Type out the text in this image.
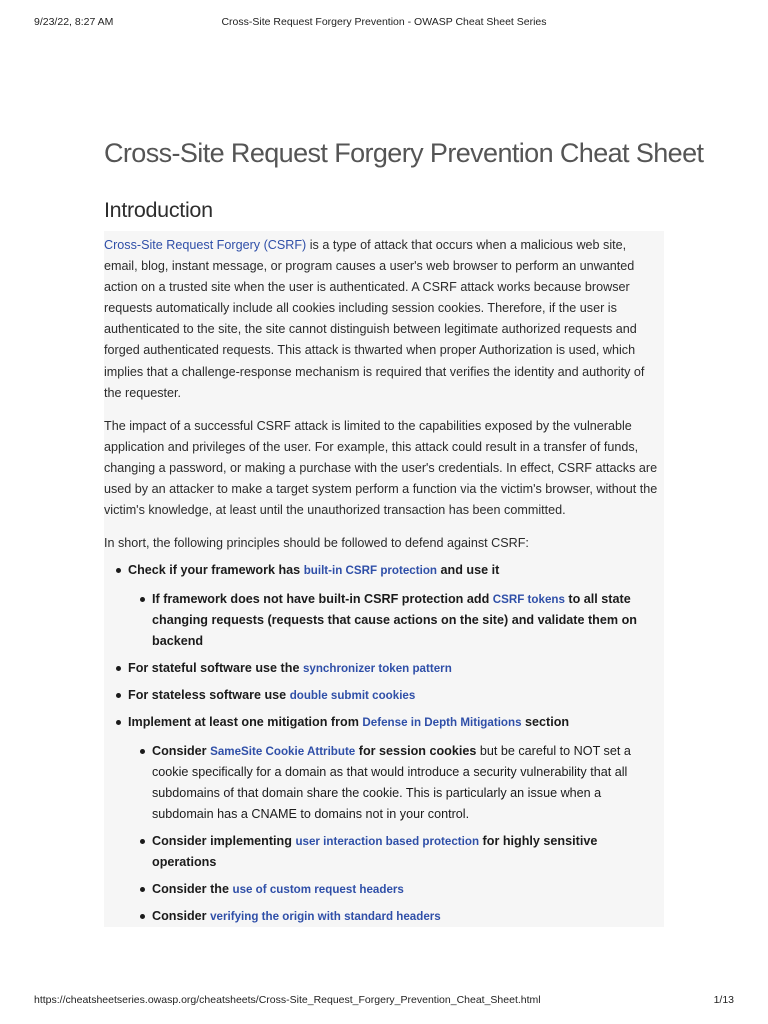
9/23/22, 8:27 AM	Cross-Site Request Forgery Prevention - OWASP Cheat Sheet Series
Cross-Site Request Forgery Prevention Cheat Sheet
Introduction

Cross-Site Request Forgery (CSRF) is a type of attack that occurs when a malicious web site, email, blog, instant message, or program causes a user's web browser to perform an unwanted action on a trusted site when the user is authenticated. A CSRF attack works because browser requests automatically include all cookies including session cookies. Therefore, if the user is authenticated to the site, the site cannot distinguish between legitimate authorized requests and forged authenticated requests. This attack is thwarted when proper Authorization is used, which implies that a challenge-response mechanism is required that verifies the identity and authority of the requester.

The impact of a successful CSRF attack is limited to the capabilities exposed by the vulnerable application and privileges of the user. For example, this attack could result in a transfer of funds, changing a password, or making a purchase with the user's credentials. In effect, CSRF attacks are used by an attacker to make a target system perform a function via the victim's browser, without the victim's knowledge, at least until the unauthorized transaction has been committed.

In short, the following principles should be followed to defend against CSRF:

Check if your framework has built-in CSRF protection and use it
If framework does not have built-in CSRF protection add CSRF tokens to all state changing requests (requests that cause actions on the site) and validate them on backend
For stateful software use the synchronizer token pattern
For stateless software use double submit cookies
Implement at least one mitigation from Defense in Depth Mitigations section
Consider SameSite Cookie Attribute for session cookies but be careful to NOT set a cookie specifically for a domain as that would introduce a security vulnerability that all subdomains of that domain share the cookie. This is particularly an issue when a subdomain has a CNAME to domains not in your control.
Consider implementing user interaction based protection for highly sensitive operations
Consider the use of custom request headers
Consider verifying the origin with standard headers
https://cheatsheetseries.owasp.org/cheatsheets/Cross-Site_Request_Forgery_Prevention_Cheat_Sheet.html	1/13
